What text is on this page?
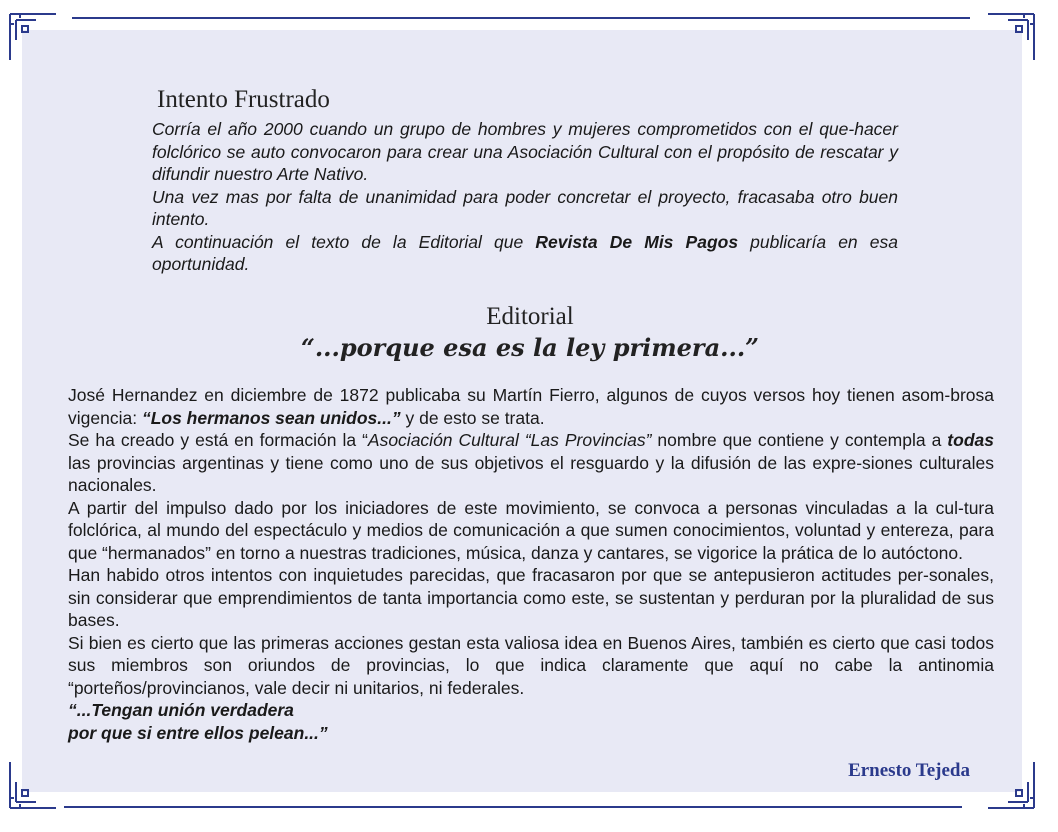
Intento Frustrado

Corría el año 2000 cuando un grupo de hombres y mujeres comprometidos con el que-hacer folclórico se auto convocaron para crear una Asociación Cultural con el propósito de rescatar y difundir nuestro Arte Nativo.

Una vez mas por falta de unanimidad para poder concretar el proyecto, fracasaba otro buen intento.

A continuación el texto de la Editorial que Revista De Mis Pagos publicaría en esa oportunidad.

Editorial
“...porque esa es la ley primera...”

José Hernandez en diciembre de 1872 publicaba su Martín Fierro, algunos de cuyos versos hoy tienen asom-brosa vigencia: “Los hermanos sean unidos...” y de esto se trata.

Se ha creado y está en formación la “Asociación Cultural “Las Provincias” nombre que contiene y contempla a todas las provincias argentinas y tiene como uno de sus objetivos el resguardo y la difusión de las expre-siones culturales nacionales.

A partir del impulso dado por los iniciadores de este movimiento, se convoca a personas vinculadas a la cul-tura folclórica, al mundo del espectáculo y medios de comunicación a que sumen conocimientos, voluntad y entereza, para que “hermanados” en torno a nuestras tradiciones, música, danza y cantares, se vigorice la prática de lo autóctono.

Han habido otros intentos con inquietudes parecidas, que fracasaron por que se antepusieron actitudes per-sonales, sin considerar que emprendimientos de tanta importancia como este, se sustentan y perduran por la pluralidad de sus bases.

Si bien es cierto que las primeras acciones gestan esta valiosa idea en Buenos Aires, también es cierto que casi todos sus miembros son oriundos de provincias, lo que indica claramente que aquí no cabe la antinomia “porteños/provincianos, vale decir ni unitarios, ni federales.

“...Tengan unión verdadera

por que si entre ellos pelean...”

Ernesto Tejeda
